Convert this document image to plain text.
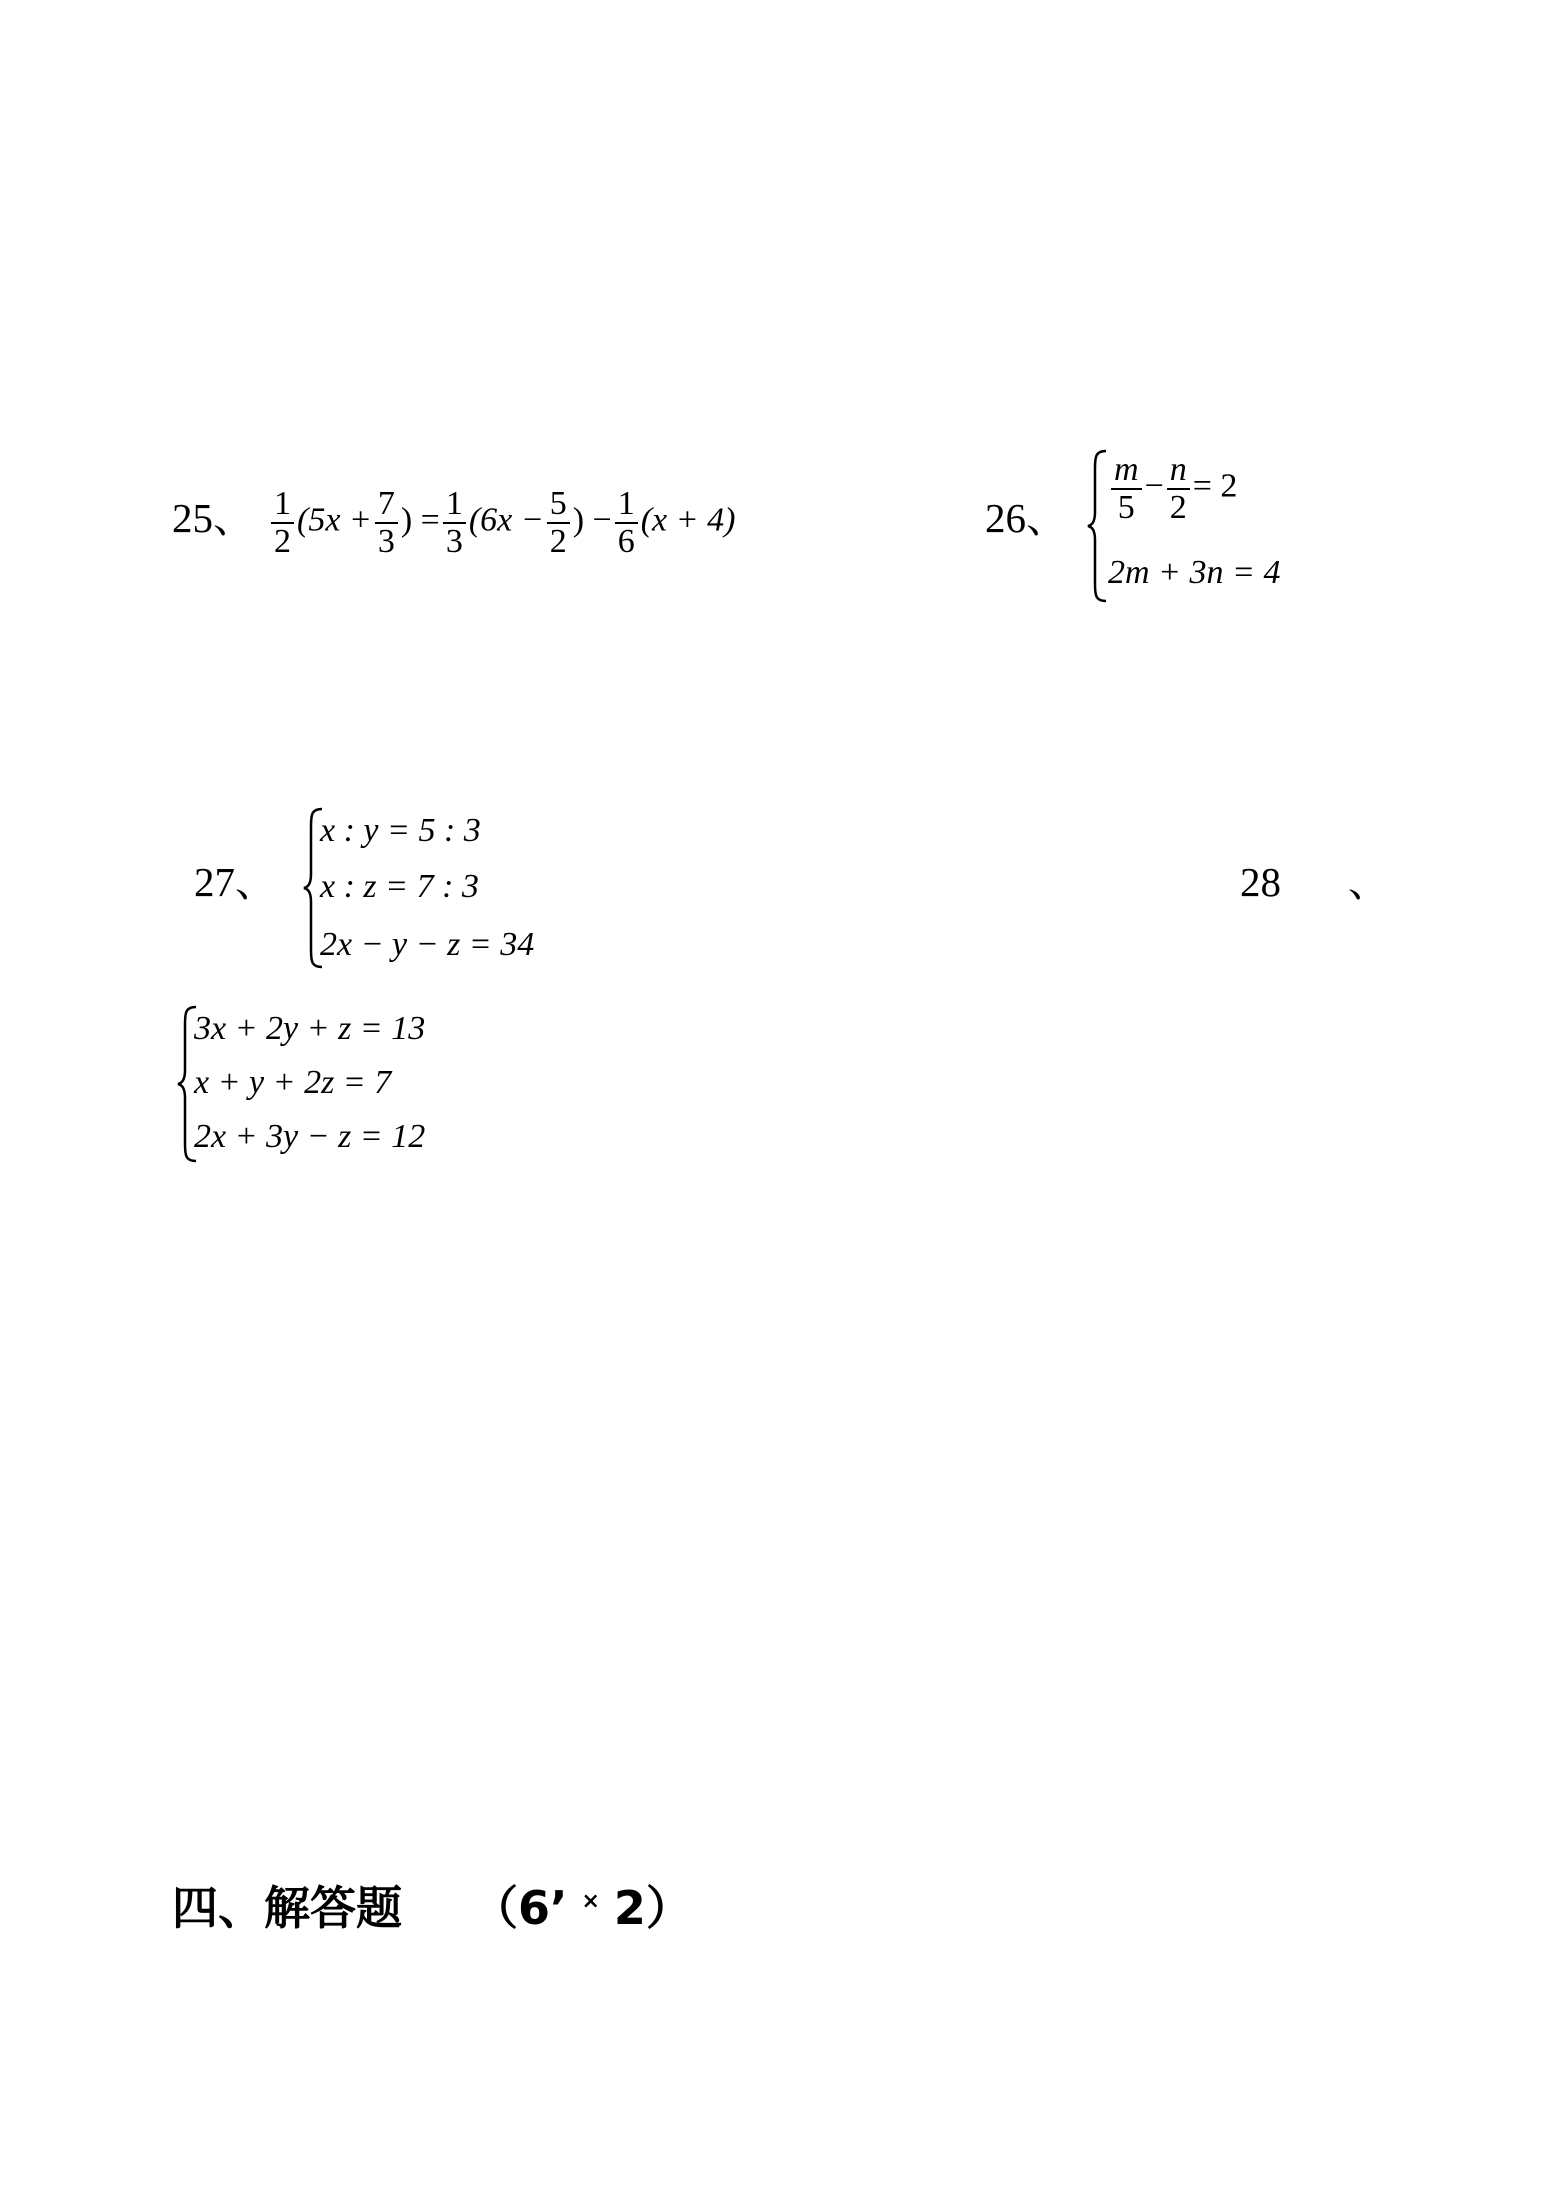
25、 $\frac{1}{2} (5x + \frac{7}{3}$ ) = $\frac{1}{3} (6x - \frac{5}{2}$ ) − $\frac{1}{6} (x + 4)$	26、 $\frac{m}{5} - \frac{n}{2} = 2$
2m + 3n = 4
27、
x : y = 5 : 3
x : z = 7 : 3
2x − y − z = 34
28 、
3x + 2y + z = 13
x + y + 2z = 7
2x + 3y − z = 12
四、解答题 （6’ × 2）
